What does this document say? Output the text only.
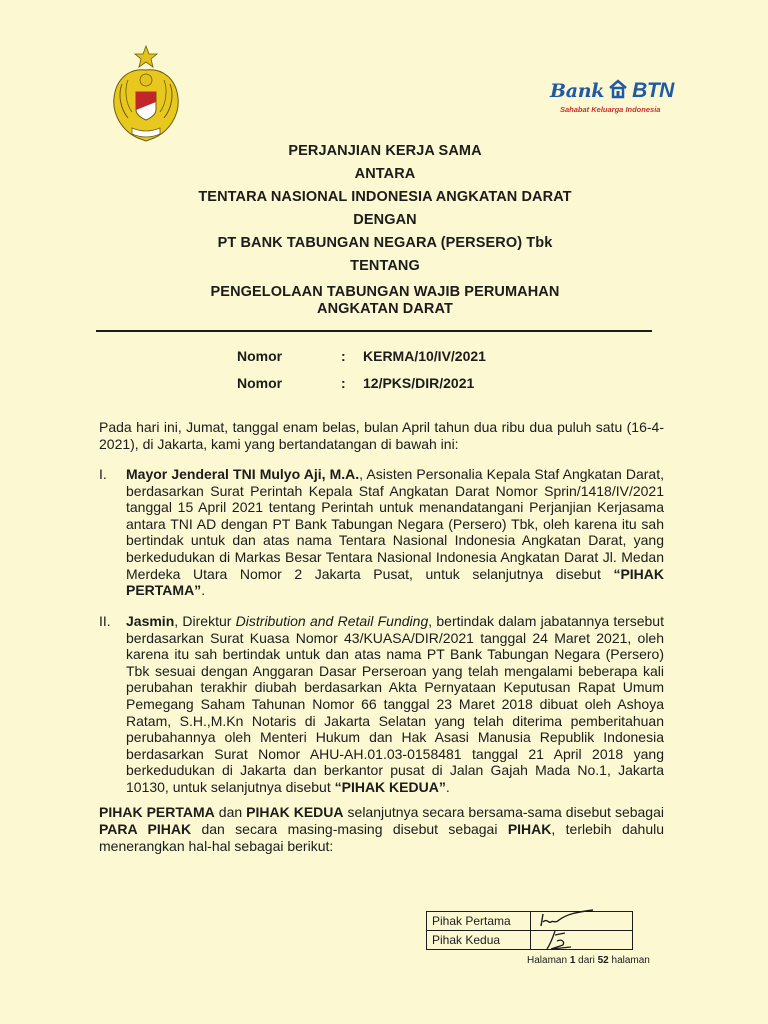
Bank BTN
Sahabat Keluarga Indonesia
PERJANJIAN KERJA SAMA
ANTARA
TENTARA NASIONAL INDONESIA ANGKATAN DARAT
DENGAN
PT BANK TABUNGAN NEGARA (PERSERO) Tbk
TENTANG
PENGELOLAAN TABUNGAN WAJIB PERUMAHAN
ANGKATAN DARAT
Nomor	:	KERMA/10/IV/2021
Nomor	:	12/PKS/DIR/2021
Pada hari ini, Jumat, tanggal enam belas, bulan April tahun dua ribu dua puluh satu (16-4-2021), di Jakarta, kami yang bertandatangan di bawah ini:
I.	Mayor Jenderal TNI Mulyo Aji, M.A., Asisten Personalia Kepala Staf Angkatan Darat, berdasarkan Surat Perintah Kepala Staf Angkatan Darat Nomor Sprin/1418/IV/2021 tanggal 15 April 2021 tentang Perintah untuk menandatangani Perjanjian Kerjasama antara TNI AD dengan PT Bank Tabungan Negara (Persero) Tbk, oleh karena itu sah bertindak untuk dan atas nama Tentara Nasional Indonesia Angkatan Darat, yang berkedudukan di Markas Besar Tentara Nasional Indonesia Angkatan Darat Jl. Medan Merdeka Utara Nomor 2 Jakarta Pusat, untuk selanjutnya disebut “PIHAK PERTAMA”.
II.	Jasmin, Direktur Distribution and Retail Funding, bertindak dalam jabatannya tersebut berdasarkan Surat Kuasa Nomor 43/KUASA/DIR/2021 tanggal 24 Maret 2021, oleh karena itu sah bertindak untuk dan atas nama PT Bank Tabungan Negara (Persero) Tbk sesuai dengan Anggaran Dasar Perseroan yang telah mengalami beberapa kali perubahan terakhir diubah berdasarkan Akta Pernyataan Keputusan Rapat Umum Pemegang Saham Tahunan Nomor 66 tanggal 23 Maret 2018 dibuat oleh Ashoya Ratam, S.H.,M.Kn Notaris di Jakarta Selatan yang telah diterima pemberitahuan perubahannya oleh Menteri Hukum dan Hak Asasi Manusia Republik Indonesia berdasarkan Surat Nomor AHU-AH.01.03-0158481 tanggal 21 April 2018 yang berkedudukan di Jakarta dan berkantor pusat di Jalan Gajah Mada No.1, Jakarta 10130, untuk selanjutnya disebut “PIHAK KEDUA”.
PIHAK PERTAMA dan PIHAK KEDUA selanjutnya secara bersama-sama disebut sebagai PARA PIHAK dan secara masing-masing disebut sebagai PIHAK, terlebih dahulu menerangkan hal-hal sebagai berikut:
Pihak Pertama	

Pihak Kedua	
Halaman 1 dari 52 halaman
